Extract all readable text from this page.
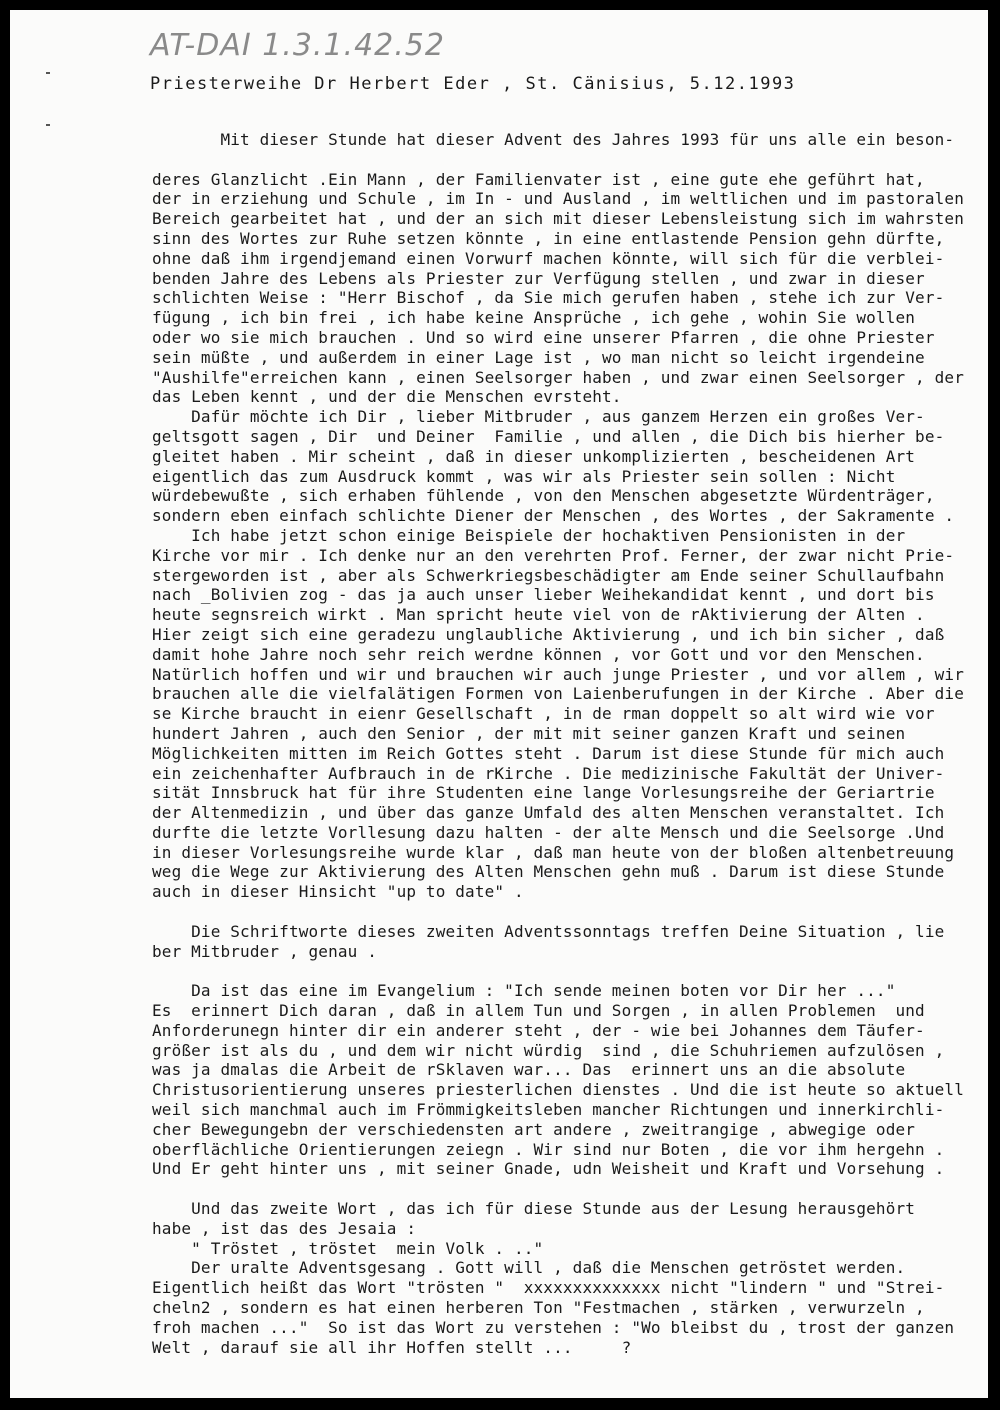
AT-DAI 1.3.1.42.52
Priesterweihe Dr Herbert Eder , St. Cänisius, 5.12.1993
Mit dieser Stunde hat dieser Advent des Jahres 1993 für uns alle ein beson-
deres Glanzlicht .Ein Mann , der Familienvater ist , eine gute ehe geführt hat,
der in erziehung und Schule , im In - und Ausland , im weltlichen und im pastoralen
Bereich gearbeitet hat , und der an sich mit dieser Lebensleistung sich im wahrsten
sinn des Wortes zur Ruhe setzen könnte , in eine entlastende Pension gehn dürfte,
ohne daß ihm irgendjemand einen Vorwurf machen könnte, will sich für die verblei-
benden Jahre des Lebens als Priester zur Verfügung stellen , und zwar in dieser
schlichten Weise : "Herr Bischof , da Sie mich gerufen haben , stehe ich zur Ver-
fügung , ich bin frei , ich habe keine Ansprüche , ich gehe , wohin Sie wollen
oder wo sie mich brauchen . Und so wird eine unserer Pfarren , die ohne Priester
sein müßte , und außerdem in einer Lage ist , wo man nicht so leicht irgendeine
"Aushilfe"erreichen kann , einen Seelsorger haben , und zwar einen Seelsorger , der
das Leben kennt , und der die Menschen evrsteht.
Dafür möchte ich Dir , lieber Mitbruder , aus ganzem Herzen ein großes Ver-
geltsgott sagen , Dir  und Deiner  Familie , und allen , die Dich bis hierher be-
gleitet haben . Mir scheint , daß in dieser unkomplizierten , bescheidenen Art
eigentlich das zum Ausdruck kommt , was wir als Priester sein sollen : Nicht
würdebewußte , sich erhaben fühlende , von den Menschen abgesetzte Würdenträger,
sondern eben einfach schlichte Diener der Menschen , des Wortes , der Sakramente .
Ich habe jetzt schon einige Beispiele der hochaktiven Pensionisten in der
Kirche vor mir . Ich denke nur an den verehrten Prof. Ferner, der zwar nicht Prie-
stergeworden ist , aber als Schwerkriegsbeschädigter am Ende seiner Schullaufbahn
nach _Bolivien zog - das ja auch unser lieber Weihekandidat kennt , und dort bis
heute segnsreich wirkt . Man spricht heute viel von de rAktivierung der Alten .
Hier zeigt sich eine geradezu unglaubliche Aktivierung , und ich bin sicher , daß
damit hohe Jahre noch sehr reich werdne können , vor Gott und vor den Menschen.
Natürlich hoffen und wir und brauchen wir auch junge Priester , und vor allem , wir
brauchen alle die vielfalätigen Formen von Laienberufungen in der Kirche . Aber die
se Kirche braucht in eienr Gesellschaft , in de rman doppelt so alt wird wie vor
hundert Jahren , auch den Senior , der mit mit seiner ganzen Kraft und seinen
Möglichkeiten mitten im Reich Gottes steht . Darum ist diese Stunde für mich auch
ein zeichenhafter Aufbrauch in de rKirche . Die medizinische Fakultät der Univer-
sität Innsbruck hat für ihre Studenten eine lange Vorlesungsreihe der Geriartrie
der Altenmedizin , und über das ganze Umfald des alten Menschen veranstaltet. Ich
durfte die letzte Vorllesung dazu halten - der alte Mensch und die Seelsorge .Und
in dieser Vorlesungsreihe wurde klar , daß man heute von der bloßen altenbetreuung
weg die Wege zur Aktivierung des Alten Menschen gehn muß . Darum ist diese Stunde
auch in dieser Hinsicht "up to date" .
Die Schriftworte dieses zweiten Adventssonntags treffen Deine Situation , lie
ber Mitbruder , genau .
Da ist das eine im Evangelium : "Ich sende meinen boten vor Dir her ..."
Es  erinnert Dich daran , daß in allem Tun und Sorgen , in allen Problemen  und
Anforderunegn hinter dir ein anderer steht , der - wie bei Johannes dem Täufer-
größer ist als du , und dem wir nicht würdig  sind , die Schuhriemen aufzulösen ,
was ja dmalas die Arbeit de rSklaven war... Das  erinnert uns an die absolute
Christusorientierung unseres priesterlichen dienstes . Und die ist heute so aktuell
weil sich manchmal auch im Frömmigkeitsleben mancher Richtungen und innerkirchli-
cher Bewegungebn der verschiedensten art andere , zweitrangige , abwegige oder
oberflächliche Orientierungen zeiegn . Wir sind nur Boten , die vor ihm hergehn .
Und Er geht hinter uns , mit seiner Gnade, udn Weisheit und Kraft und Vorsehung .
Und das zweite Wort , das ich für diese Stunde aus der Lesung herausgehört
habe , ist das des Jesaia :
" Tröstet , tröstet  mein Volk . .."
Der uralte Adventsgesang . Gott will , daß die Menschen getröstet werden.
Eigentlich heißt das Wort "trösten "  xxxxxxxxxxxxxx nicht "lindern " und "Strei-
cheln2 , sondern es hat einen herberen Ton "Festmachen , stärken , verwurzeln ,
froh machen ..."  So ist das Wort zu verstehen : "Wo bleibst du , trost der ganzen
Welt , darauf sie all ihr Hoffen stellt ...     ?
